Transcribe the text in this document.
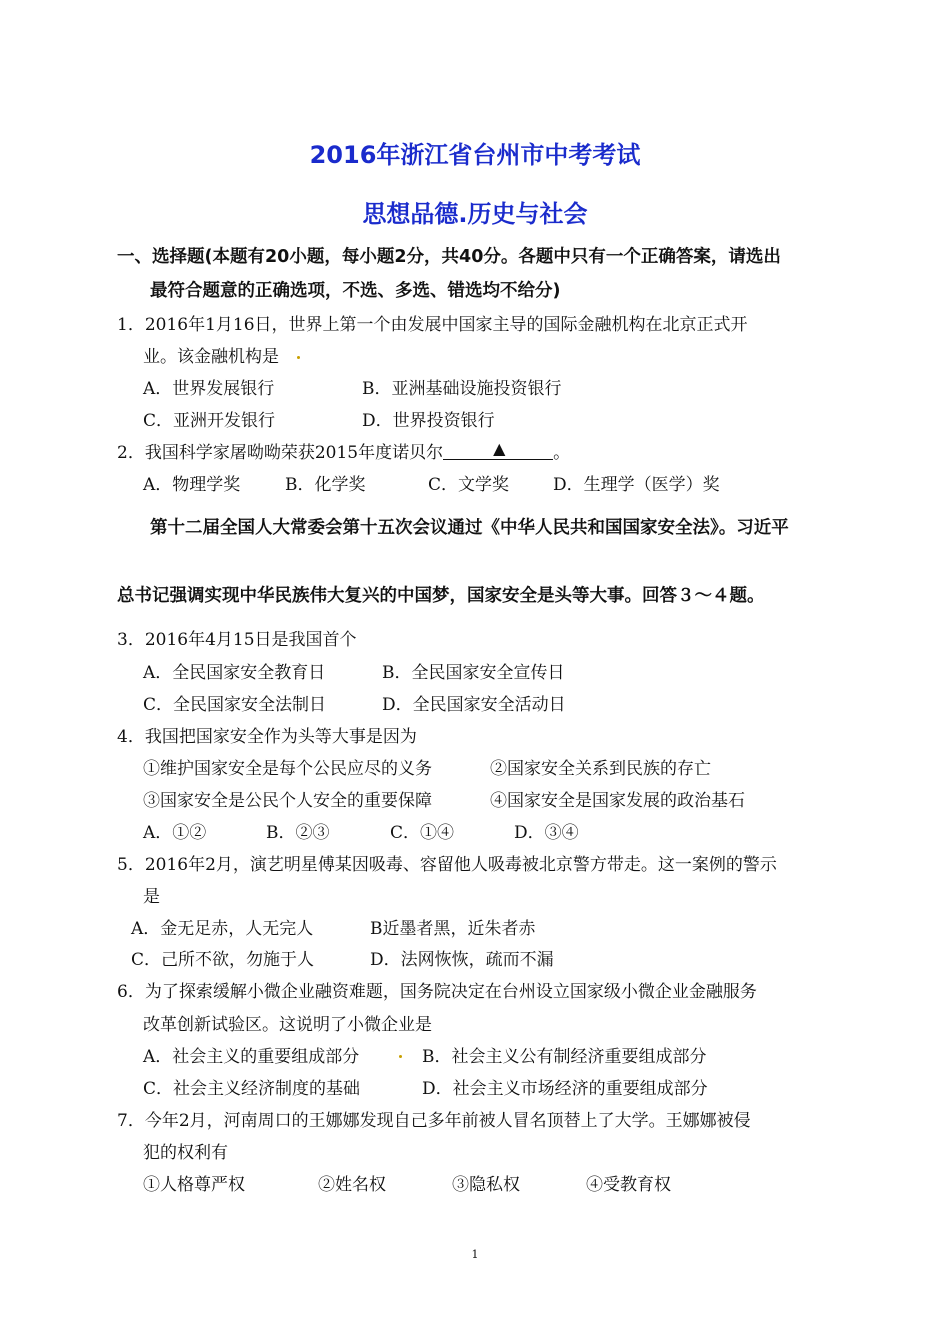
2016年浙江省台州市中考考试
思想品德.历史与社会
一、选择题(本题有20小题，每小题2分，共40分。各题中只有一个正确答案，请选出
最符合题意的正确选项，不选、多选、错选均不给分)
1．2016年1月16日，世界上第一个由发展中国家主导的国际金融机构在北京正式开
业。该金融机构是
A．世界发展银行	B．亚洲基础设施投资银行
C．亚洲开发银行	D．世界投资银行
2．我国科学家屠呦呦荣获2015年度诺贝尔	▲	。
A．物理学奖	B．化学奖	C．文学奖	D．生理学（医学）奖
第十二届全国人大常委会第十五次会议通过《中华人民共和国国家安全法》。习近平
总书记强调实现中华民族伟大复兴的中国梦，国家安全是头等大事。回答３～４题。
3．2016年4月15日是我国首个
A．全民国家安全教育日	B．全民国家安全宣传日
C．全民国家安全法制日	D．全民国家安全活动日
4．我国把国家安全作为头等大事是因为
①维护国家安全是每个公民应尽的义务	②国家安全关系到民族的存亡
③国家安全是公民个人安全的重要保障	④国家安全是国家发展的政治基石
A．①②	B．②③	C．①④	D．③④
5．2016年2月，演艺明星傅某因吸毒、容留他人吸毒被北京警方带走。这一案例的警示
是
A．金无足赤，人无完人	B近墨者黑，近朱者赤
C．己所不欲，勿施于人	D．法网恢恢，疏而不漏
6．为了探索缓解小微企业融资难题，国务院决定在台州设立国家级小微企业金融服务
改革创新试验区。这说明了小微企业是
A．社会主义的重要组成部分	B．社会主义公有制经济重要组成部分
C．社会主义经济制度的基础	D．社会主义市场经济的重要组成部分
7．今年2月，河南周口的王娜娜发现自己多年前被人冒名顶替上了大学。王娜娜被侵
犯的权利有
①人格尊严权	②姓名权	③隐私权	④受教育权
1
